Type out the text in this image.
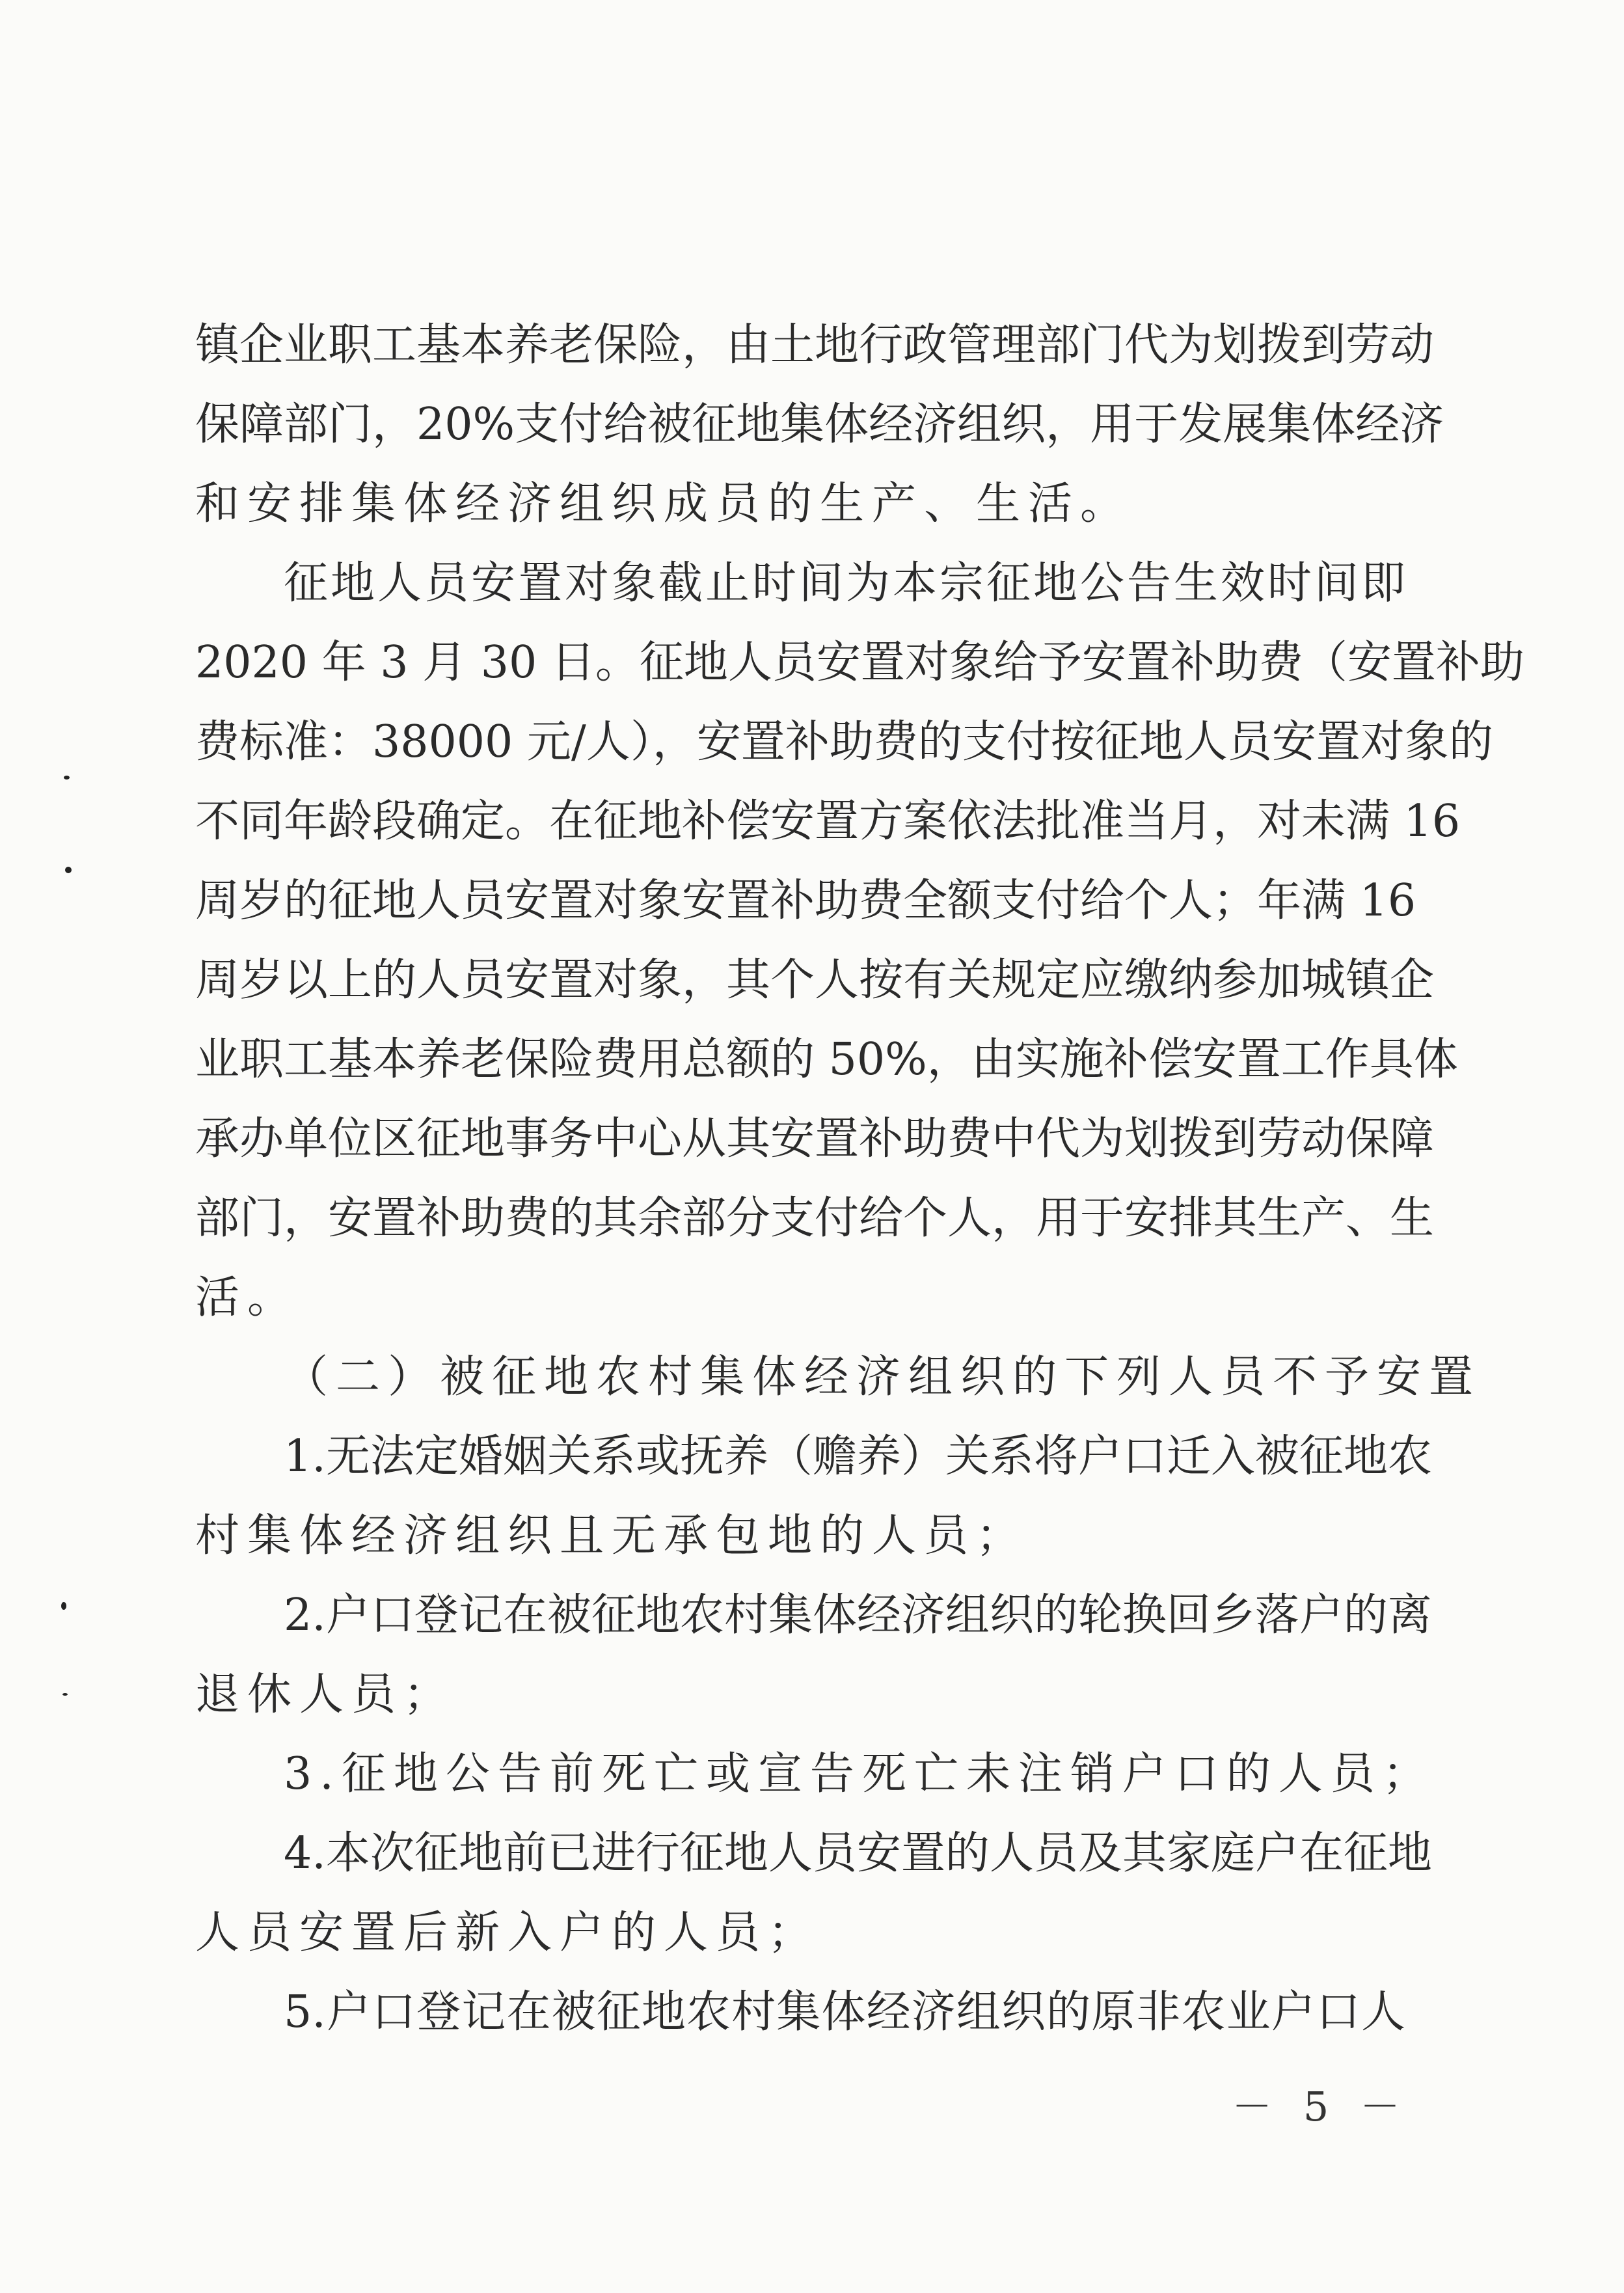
镇企业职工基本养老保险，由土地行政管理部门代为划拨到劳动
保障部门，20%支付给被征地集体经济组织，用于发展集体经济
和安排集体经济组织成员的生产、生活。
征地人员安置对象截止时间为本宗征地公告生效时间即
2020 年 3 月 30 日。征地人员安置对象给予安置补助费（安置补助
费标准：38000 元/人），安置补助费的支付按征地人员安置对象的
不同年龄段确定。在征地补偿安置方案依法批准当月，对未满 16
周岁的征地人员安置对象安置补助费全额支付给个人；年满 16
周岁以上的人员安置对象，其个人按有关规定应缴纳参加城镇企
业职工基本养老保险费用总额的 50%，由实施补偿安置工作具体
承办单位区征地事务中心从其安置补助费中代为划拨到劳动保障
部门，安置补助费的其余部分支付给个人，用于安排其生产、生
活。
（二）被征地农村集体经济组织的下列人员不予安置
1.无法定婚姻关系或抚养（赡养）关系将户口迁入被征地农
村集体经济组织且无承包地的人员；
2.户口登记在被征地农村集体经济组织的轮换回乡落户的离
退休人员；
3.征地公告前死亡或宣告死亡未注销户口的人员；
4.本次征地前已进行征地人员安置的人员及其家庭户在征地
人员安置后新入户的人员；
5.户口登记在被征地农村集体经济组织的原非农业户口人
－ 5 －
